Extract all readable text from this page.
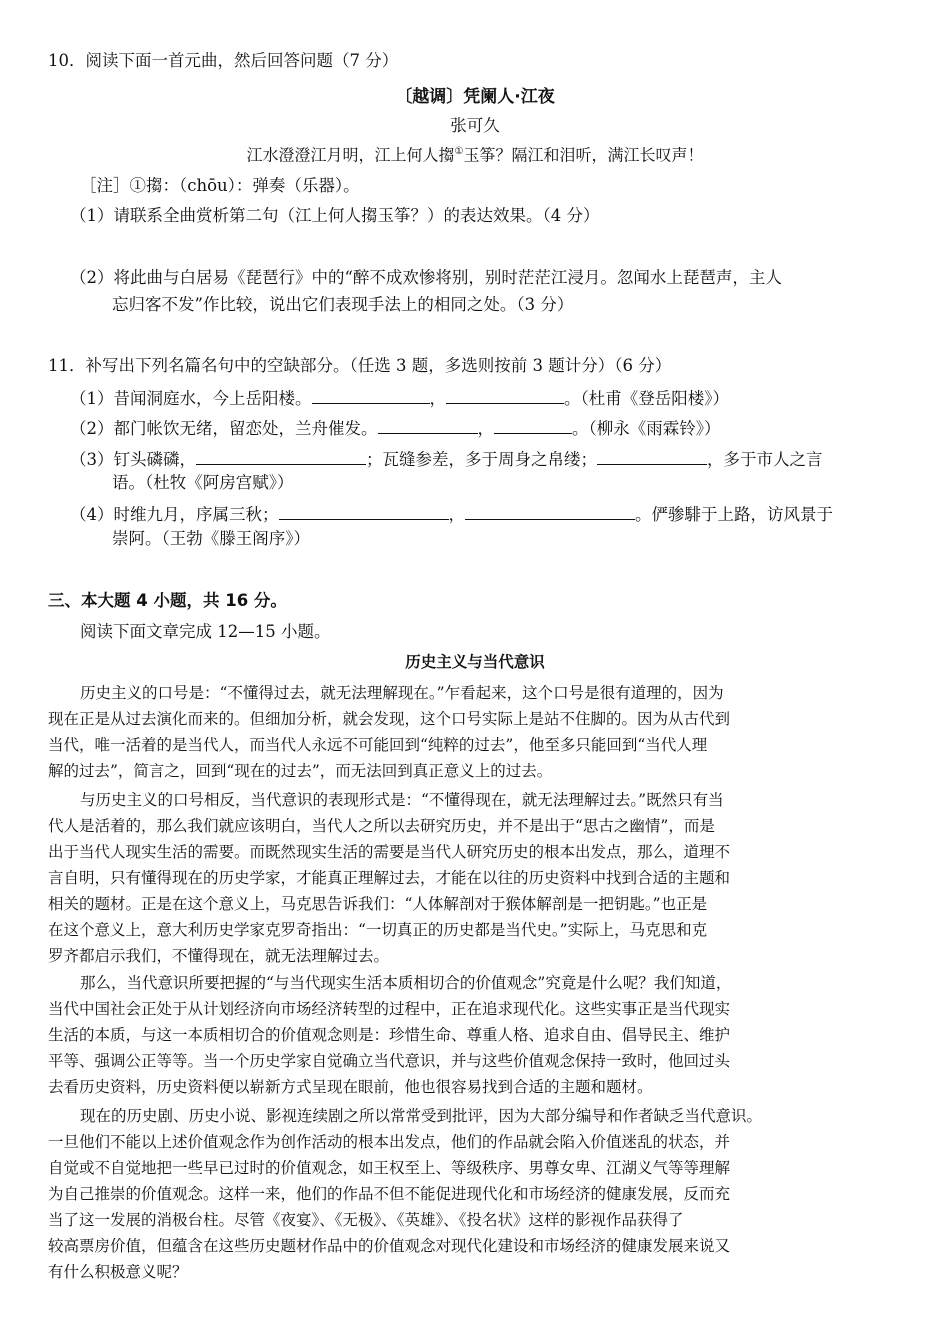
10．阅读下面一首元曲，然后回答问题（7 分）
〔越调〕凭阑人·江夜
张可久
江水澄澄江月明，江上何人搊①玉筝？隔江和泪听，满江长叹声！
［注］①搊：（chōu）：弹奏（乐器）。
（1）请联系全曲赏析第二句（江上何人搊玉筝？）的表达效果。（4 分）
（2）将此曲与白居易《琵琶行》中的“醉不成欢惨将别，别时茫茫江浸月。忽闻水上琵琶声，主人
忘归客不发”作比较，说出它们表现手法上的相同之处。（3 分）
11．补写出下列名篇名句中的空缺部分。（任选 3 题，多选则按前 3 题计分）（6 分）
（1）昔闻洞庭水，今上岳阳楼。	，	。（杜甫《登岳阳楼》）
（2）都门帐饮无绪，留恋处，兰舟催发。	，	。（柳永《雨霖铃》）
（3）钉头磷磷，	；瓦缝参差，多于周身之帛缕；	，多于市人之言
语。（杜牧《阿房宫赋》）
（4）时维九月，序属三秋；	，	。俨骖騑于上路，访风景于
崇阿。（王勃《滕王阁序》）
三、本大题 4 小题，共 16 分。
阅读下面文章完成 12—15 小题。
历史主义与当代意识
历史主义的口号是：“不懂得过去，就无法理解现在。”乍看起来，这个口号是很有道理的，因为
现在正是从过去演化而来的。但细加分析，就会发现，这个口号实际上是站不住脚的。因为从古代到
当代，唯一活着的是当代人，而当代人永远不可能回到“纯粹的过去”，他至多只能回到“当代人理
解的过去”，简言之，回到“现在的过去”，而无法回到真正意义上的过去。
与历史主义的口号相反，当代意识的表现形式是：“不懂得现在，就无法理解过去。”既然只有当
代人是活着的，那么我们就应该明白，当代人之所以去研究历史，并不是出于“思古之幽情”，而是
出于当代人现实生活的需要。而既然现实生活的需要是当代人研究历史的根本出发点，那么，道理不
言自明，只有懂得现在的历史学家，才能真正理解过去，才能在以往的历史资料中找到合适的主题和
相关的题材。正是在这个意义上，马克思告诉我们：“人体解剖对于猴体解剖是一把钥匙。”也正是
在这个意义上，意大利历史学家克罗奇指出：“一切真正的历史都是当代史。”实际上，马克思和克
罗齐都启示我们，不懂得现在，就无法理解过去。
那么，当代意识所要把握的“与当代现实生活本质相切合的价值观念”究竟是什么呢？我们知道，
当代中国社会正处于从计划经济向市场经济转型的过程中，正在追求现代化。这些实事正是当代现实
生活的本质，与这一本质相切合的价值观念则是：珍惜生命、尊重人格、追求自由、倡导民主、维护
平等、强调公正等等。当一个历史学家自觉确立当代意识，并与这些价值观念保持一致时，他回过头
去看历史资料，历史资料便以崭新方式呈现在眼前，他也很容易找到合适的主题和题材。
现在的历史剧、历史小说、影视连续剧之所以常常受到批评，因为大部分编导和作者缺乏当代意识。
一旦他们不能以上述价值观念作为创作活动的根本出发点，他们的作品就会陷入价值迷乱的状态，并
自觉或不自觉地把一些早已过时的价值观念，如王权至上、等级秩序、男尊女卑、江湖义气等等理解
为自己推崇的价值观念。这样一来，他们的作品不但不能促进现代化和市场经济的健康发展，反而充
当了这一发展的消极台柱。尽管《夜宴》、《无极》、《英雄》、《投名状》这样的影视作品获得了
较高票房价值，但蕴含在这些历史题材作品中的价值观念对现代化建设和市场经济的健康发展来说又
有什么积极意义呢？
